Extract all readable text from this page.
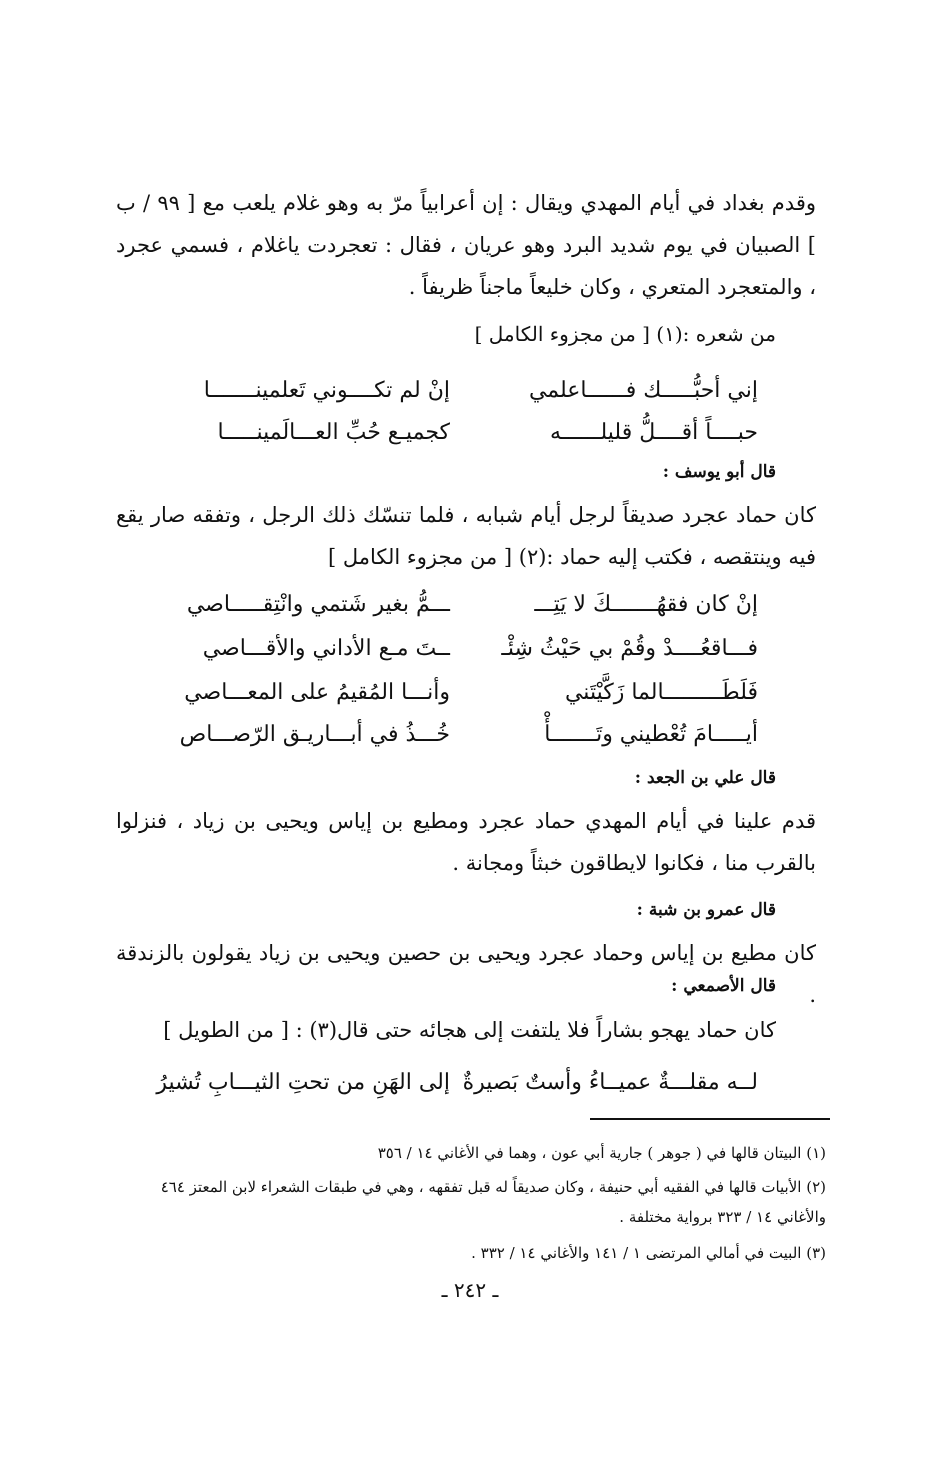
وقدم بغداد في أيام المهدي ويقال : إن أعرابياً مرّ به وهو غلام يلعب مع [ ٩٩ / ب ] الصبيان في يوم شديد البرد وهو عريان ، فقال : تعجردت ياغلام ، فسمي عجرد ، والمتعجرد المتعري ، وكان خليعاً ماجناً ظريفاً .
من شعره :(١) [ من مجزوء الكامل ]
إني أحبُّـــــك فــــــاعلمي
إنْ لم تكــــوني تَعلمينـــــــا
حبــــاً أقــــلُّ قليلــــــه
كجميـع حُبِّ العـــالَمينـــــا
قال أبو يوسف :
كان حماد عجرد صديقاً لرجل أيام شبابه ، فلما تنسّك ذلك الرجل ، وتفقه صار يقع فيه وينتقصه ، فكتب إليه حماد :(٢) [ من مجزوء الكامل ]
إنْ كان فقهُـــــــكَ لا يَتِـــ
ـــمُّ بغير شَتمي وانْتِقـــــاصي
فـــاقعُــــدْ وقُمْ بي حَيْثُ شِئْـ
ــتَ مـع الأداني والأقـــاصي
فَلَطَـــــــــالما زَكَّيْتَني
وأنـــا المُقيمُ على المعـــاصي
أيـــــامَ تُعْطيني وتَـــــــأْ
خُـــذُ في أبـــاريـق الرّصـــاص
قال علي بن الجعد :
قدم علينا في أيام المهدي حماد عجرد ومطيع بن إياس ويحيى بن زياد ، فنزلوا بالقرب منا ، فكانوا لايطاقون خبثاً ومجانة .
قال عمرو بن شبة :
كان مطيع بن إياس وحماد عجرد ويحيى بن حصين ويحيى بن زياد يقولون بالزندقة .
قال الأصمعي :
كان حماد يهجو بشاراً فلا يلتفت إلى هجائه حتى قال(٣) : [ من الطويل ]
لــه مقلـــةٌ عميــاءُ وأستٌ بَصيرةٌ
إلى الهَنِ من تحتِ الثيـــابِ تُشيرُ
(١) البيتان قالها في ( جوهر ) جارية أبي عون ، وهما في الأغاني ١٤ / ٣٥٦
(٢) الأبيات قالها في الفقيه أبي حنيفة ، وكان صديقاً له قبل تفقهه ، وهي في طبقات الشعراء لابن المعتز ٤٦٤ والأغاني ١٤ / ٣٢٣ برواية مختلفة .
(٣) البيت في أمالي المرتضى ١ / ١٤١ والأغاني ١٤ / ٣٣٢ .
ـ ٢٤٢ ـ
